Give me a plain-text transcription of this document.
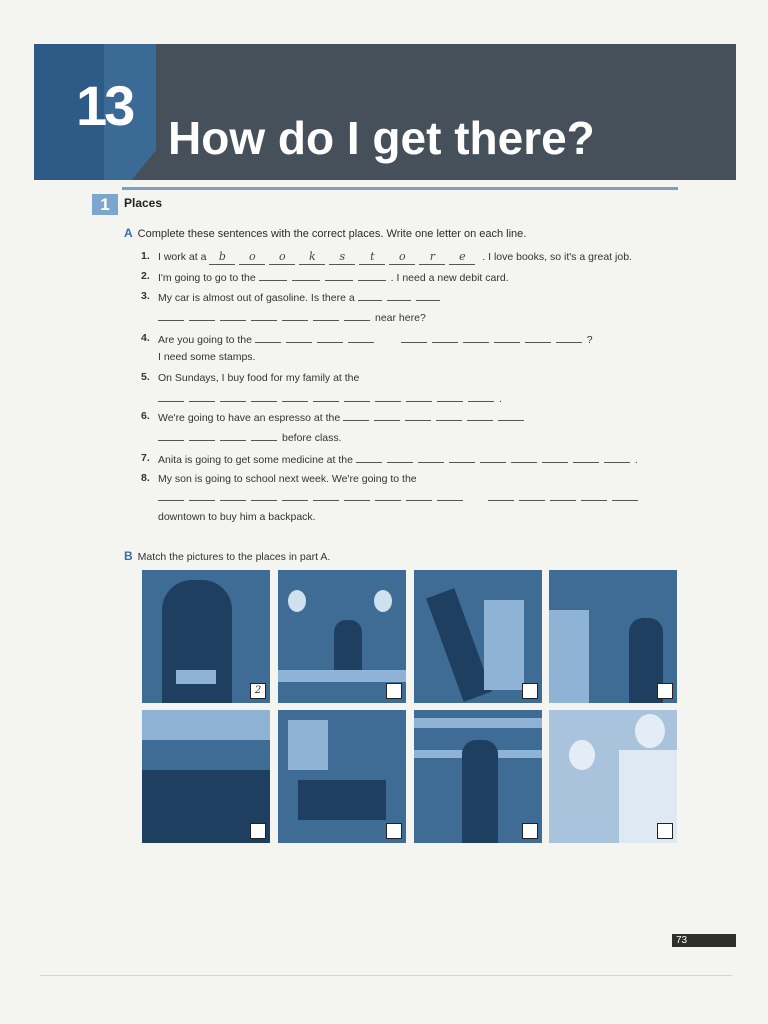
13
How do I get there?
1	Places
A Complete these sentences with the correct places. Write one letter on each line.
1. I work at a b o o k s t o r e . I love books, so it's a great job.
2. I'm going to go to the	. I need a new debit card.
3. My car is almost out of gasoline. Is there a
near here?
4. Are you going to the	?
I need some stamps.
5. On Sundays, I buy food for my family at the
.
6. We're going to have an espresso at the
before class.
7. Anita is going to get some medicine at the	.
8. My son is going to school next week. We're going to the

downtown to buy him a backpack.
B Match the pictures to the places in part A.
2
73
